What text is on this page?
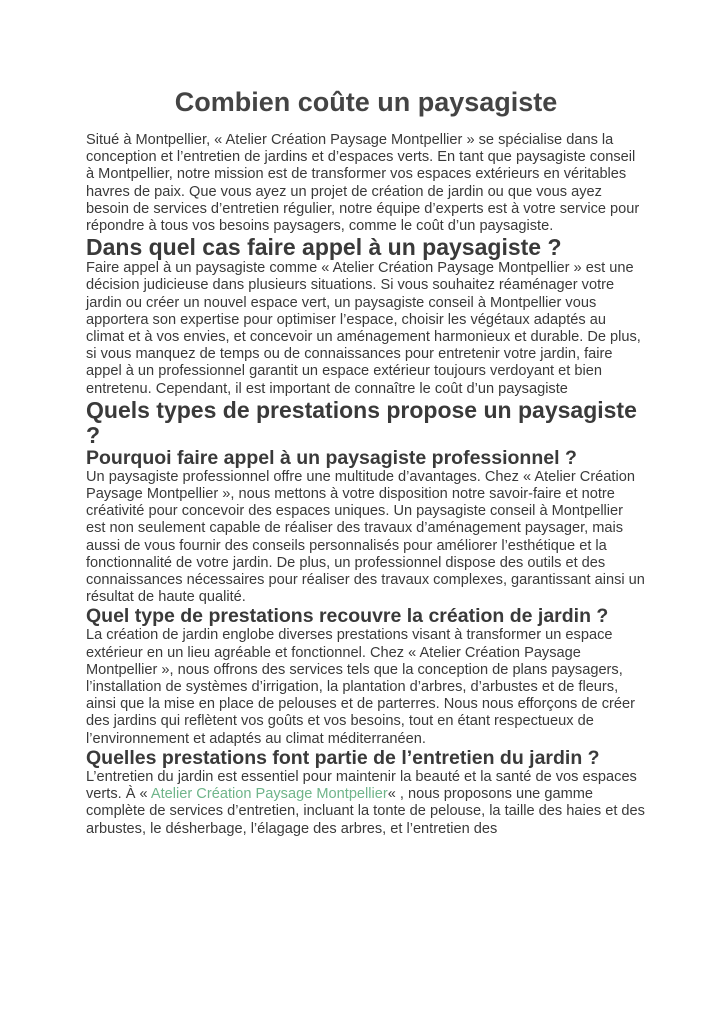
Combien coûte un paysagiste

Situé à Montpellier, « Atelier Création Paysage Montpellier » se spécialise dans la conception et l’entretien de jardins et d’espaces verts. En tant que paysagiste conseil à Montpellier, notre mission est de transformer vos espaces extérieurs en véritables havres de paix. Que vous ayez un projet de création de jardin ou que vous ayez besoin de services d’entretien régulier, notre équipe d’experts est à votre service pour répondre à tous vos besoins paysagers, comme le coût d’un paysagiste.

Dans quel cas faire appel à un paysagiste ?

Faire appel à un paysagiste comme « Atelier Création Paysage Montpellier » est une décision judicieuse dans plusieurs situations. Si vous souhaitez réaménager votre jardin ou créer un nouvel espace vert, un paysagiste conseil à Montpellier vous apportera son expertise pour optimiser l’espace, choisir les végétaux adaptés au climat et à vos envies, et concevoir un aménagement harmonieux et durable. De plus, si vous manquez de temps ou de connaissances pour entretenir votre jardin, faire appel à un professionnel garantit un espace extérieur toujours verdoyant et bien entretenu. Cependant, il est important de connaître le coût d’un paysagiste

Quels types de prestations propose un paysagiste ?
Pourquoi faire appel à un paysagiste professionnel ?

Un paysagiste professionnel offre une multitude d’avantages. Chez « Atelier Création Paysage Montpellier », nous mettons à votre disposition notre savoir-faire et notre créativité pour concevoir des espaces uniques. Un paysagiste conseil à Montpellier est non seulement capable de réaliser des travaux d’aménagement paysager, mais aussi de vous fournir des conseils personnalisés pour améliorer l’esthétique et la fonctionnalité de votre jardin. De plus, un professionnel dispose des outils et des connaissances nécessaires pour réaliser des travaux complexes, garantissant ainsi un résultat de haute qualité.

Quel type de prestations recouvre la création de jardin ?

La création de jardin englobe diverses prestations visant à transformer un espace extérieur en un lieu agréable et fonctionnel. Chez « Atelier Création Paysage Montpellier », nous offrons des services tels que la conception de plans paysagers, l’installation de systèmes d’irrigation, la plantation d’arbres, d’arbustes et de fleurs, ainsi que la mise en place de pelouses et de parterres. Nous nous efforçons de créer des jardins qui reflètent vos goûts et vos besoins, tout en étant respectueux de l’environnement et adaptés au climat méditerranéen.

Quelles prestations font partie de l’entretien du jardin ?

L’entretien du jardin est essentiel pour maintenir la beauté et la santé de vos espaces verts. À « Atelier Création Paysage Montpellier« , nous proposons une gamme complète de services d’entretien, incluant la tonte de pelouse, la taille des haies et des arbustes, le désherbage, l’élagage des arbres, et l’entretien des
